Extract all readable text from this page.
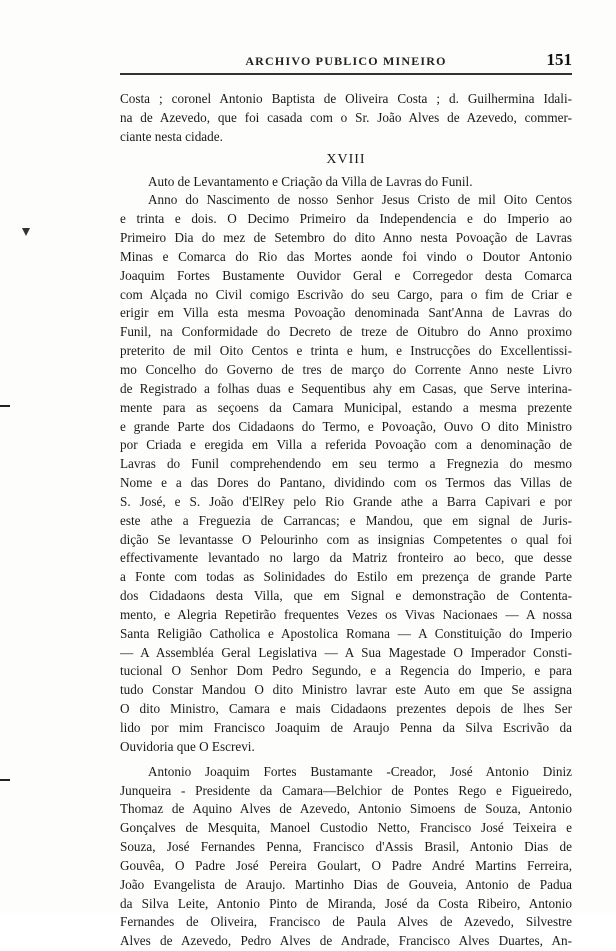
ARCHIVO PUBLICO MINEIRO	151
Costa ; coronel Antonio Baptista de Oliveira Costa ; d. Guilhermina Idali-
na de Azevedo, que foi casada com o Sr. João Alves de Azevedo, commer-
ciante nesta cidade.
XVIII
Auto de Levantamento e Criação da Villa de Lavras do Funil.
Anno do Nascimento de nosso Senhor Jesus Cristo de mil Oito Centos
e trinta e dois. O Decimo Primeiro da Independencia e do Imperio ao
Primeiro Dia do mez de Setembro do dito Anno nesta Povoação de Lavras
Minas e Comarca do Rio das Mortes aonde foi vindo o Doutor Antonio
Joaquim Fortes Bustamente Ouvidor Geral e Corregedor desta Comarca
com Alçada no Civil comigo Escrivão do seu Cargo, para o fim de Criar e
erigir em Villa esta mesma Povoação denominada Sant'Anna de Lavras do
Funil, na Conformidade do Decreto de treze de Oitubro do Anno proximo
preterito de mil Oito Centos e trinta e hum, e Instrucções do Excellentissi-
mo Concelho do Governo de tres de março do Corrente Anno neste Livro
de Registrado a folhas duas e Sequentibus ahy em Casas, que Serve interina-
mente para as seçoens da Camara Municipal, estando a mesma prezente
e grande Parte dos Cidadaons do Termo, e Povoação, Ouvo O dito Ministro
por Criada e eregida em Villa a referida Povoação com a denominação de
Lavras do Funil comprehendendo em seu termo a Fregnezia do mesmo
Nome e a das Dores do Pantano, dividindo com os Termos das Villas de
S. José, e S. João d'ElRey pelo Rio Grande athe a Barra Capivari e por
este athe a Freguezia de Carrancas; e Mandou, que em signal de Juris-
dição Se levantasse O Pelourinho com as insignias Competentes o qual foi
effectivamente levantado no largo da Matriz fronteiro ao beco, que desse
a Fonte com todas as Solinidades do Estilo em prezença de grande Parte
dos Cidadaons desta Villa, que em Signal e demonstração de Contenta-
mento, e Alegria Repetirão frequentes Vezes os Vivas Nacionaes — A nossa
Santa Religião Catholica e Apostolica Romana — A Constituição do Imperio
— A Assembléa Geral Legislativa — A Sua Magestade O Imperador Consti-
tucional O Senhor Dom Pedro Segundo, e a Regencia do Imperio, e para
tudo Constar Mandou O dito Ministro lavrar este Auto em que Se assigna
O dito Ministro, Camara e mais Cidadaons prezentes depois de lhes Ser
lido por mim Francisco Joaquim de Araujo Penna da Silva Escrivão da
Ouvidoria que O Escrevi.
Antonio Joaquim Fortes Bustamante -Creador, José Antonio Diniz
Junqueira - Presidente da Camara—Belchior de Pontes Rego e Figueiredo,
Thomaz de Aquino Alves de Azevedo, Antonio Simoens de Souza, Antonio
Gonçalves de Mesquita, Manoel Custodio Netto, Francisco José Teixeira e
Souza, José Fernandes Penna, Francisco d'Assis Brasil, Antonio Dias de
Gouvêa, O Padre José Pereira Goulart, O Padre André Martins Ferreira,
João Evangelista de Araujo. Martinho Dias de Gouveia, Antonio de Padua
da Silva Leite, Antonio Pinto de Miranda, José da Costa Ribeiro, Antonio
Fernandes de Oliveira, Francisco de Paula Alves de Azevedo, Silvestre
Alves de Azevedo, Pedro Alves de Andrade, Francisco Alves Duartes, An-
